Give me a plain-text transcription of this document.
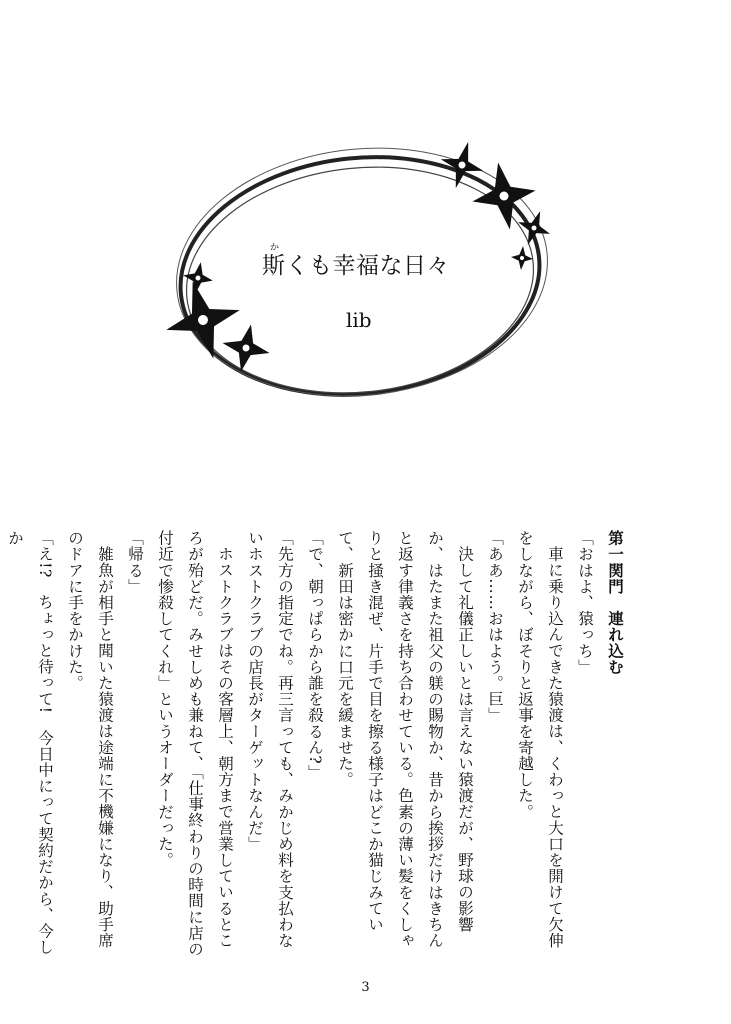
か
斯くも幸福な日々
lib

第一関門　連れ込む

「おはよ、猿っち」

車に乗り込んできた猿渡は、くわっと大口を開けて欠伸をしながら、ぼそりと返事を寄越した。

「ああ……おはよう。巨」

決して礼儀正しいとは言えない猿渡だが、野球の影響か、はたまた祖父の躾の賜物か、昔から挨拶だけはきちんと返す律義さを持ち合わせている。色素の薄い髪をくしゃりと掻き混ぜ、片手で目を擦る様子はどこか猫じみていて、新田は密かに口元を緩ませた。

「で、朝っぱらから誰を殺るん?」

「先方の指定でね。再三言っても、みかじめ料を支払わないホストクラブの店長がターゲットなんだ」

ホストクラブはその客層上、朝方まで営業しているところが殆どだ。みせしめも兼ねて、「仕事終わりの時間に店の付近で惨殺してくれ」というオーダーだった。

「帰る」

雑魚が相手と聞いた猿渡は途端に不機嫌になり、助手席のドアに手をかけた。

「え!?　ちょっと待って!　今日中にって契約だから、今しか

3
